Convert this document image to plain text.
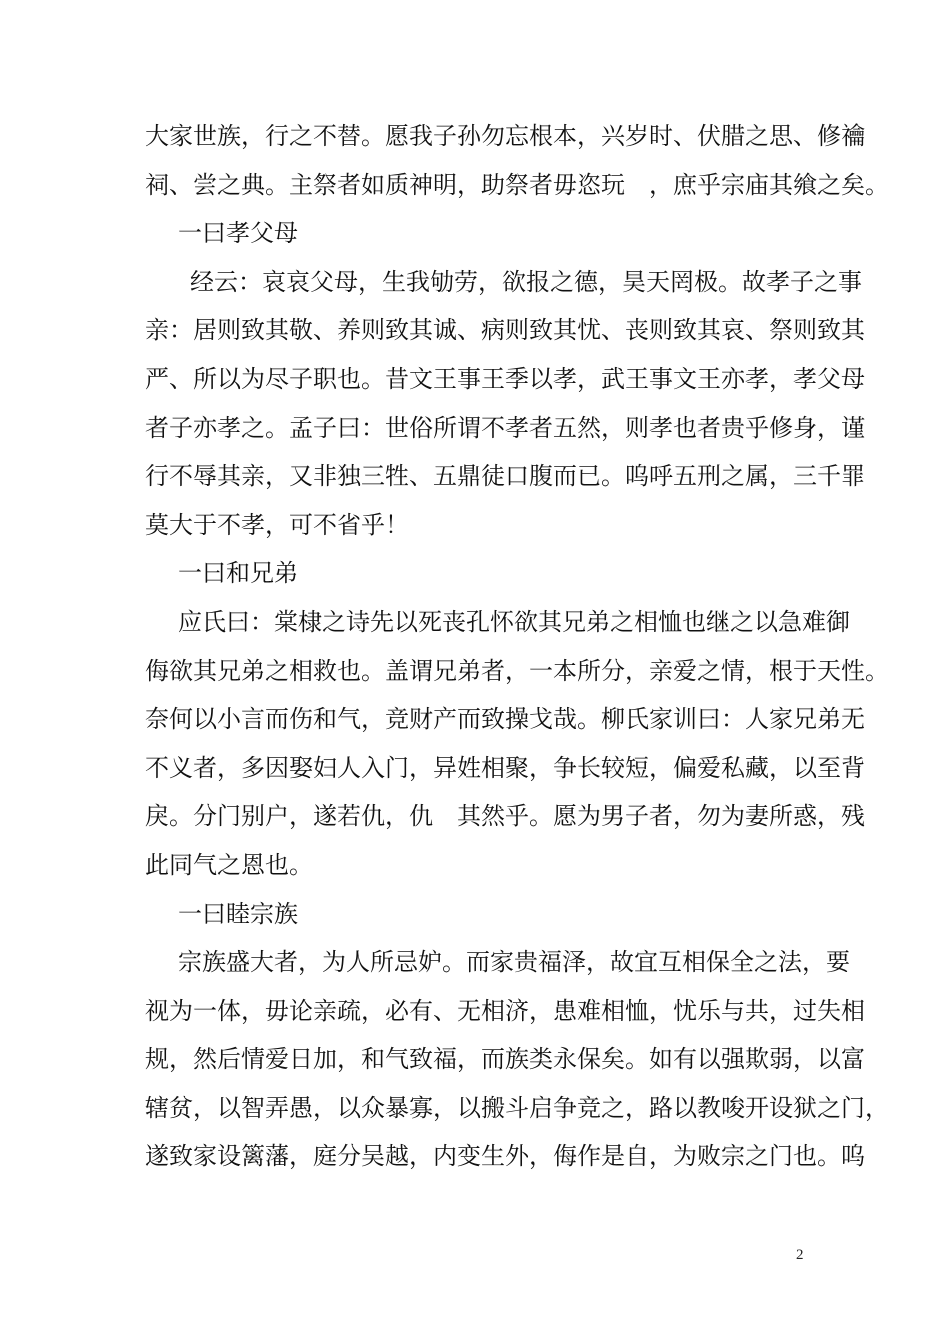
大家世族，行之不替。愿我子孙勿忘根本，兴岁时、伏腊之思、修禴
祠、尝之典。主祭者如质神明，助祭者毋恣玩　，庶乎宗庙其飨之矣。
一曰孝父母
经云：哀哀父母，生我劬劳，欲报之德，昊天罔极。故孝子之事
亲：居则致其敬、养则致其诚、病则致其忧、丧则致其哀、祭则致其
严、所以为尽子职也。昔文王事王季以孝，武王事文王亦孝，孝父母
者子亦孝之。孟子曰：世俗所谓不孝者五然，则孝也者贵乎修身，谨
行不辱其亲，又非独三牲、五鼎徒口腹而已。呜呼五刑之属，三千罪
莫大于不孝，可不省乎！
一曰和兄弟
应氏曰：棠棣之诗先以死丧孔怀欲其兄弟之相恤也继之以急难御
侮欲其兄弟之相救也。盖谓兄弟者，一本所分，亲爱之情，根于天性。
奈何以小言而伤和气，竞财产而致操戈哉。柳氏家训曰：人家兄弟无
不义者，多因娶妇人入门，异姓相聚，争长较短，偏爱私藏，以至背
戾。分门别户，遂若仇，仇　其然乎。愿为男子者，勿为妻所惑，残
此同气之恩也。
一曰睦宗族
宗族盛大者，为人所忌妒。而家贵福泽，故宜互相保全之法，要
视为一体，毋论亲疏，必有、无相济，患难相恤，忧乐与共，过失相
规，然后情爱日加，和气致福，而族类永保矣。如有以强欺弱，以富
辖贫，以智弄愚，以众暴寡，以搬斗启争竞之，路以教唆开设狱之门，
遂致家设篱藩，庭分吴越，内变生外，侮作是自，为败宗之门也。呜
2
